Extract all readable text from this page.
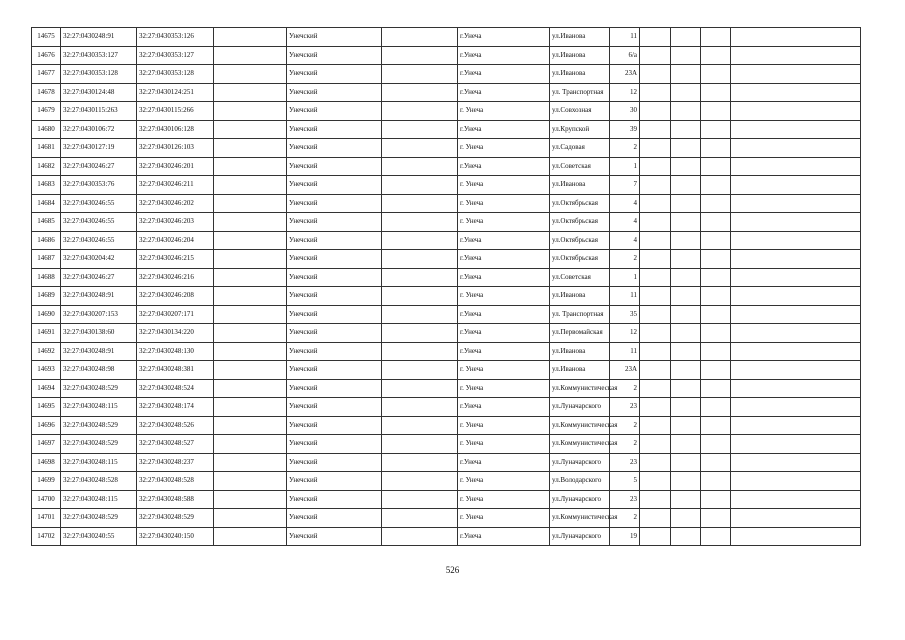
14675	32:27:0430248:91	32:27:0430353:126		Унечский		г.Унеча	ул.Иванова	11				
14676	32:27:0430353:127	32:27:0430353:127		Унечский		г.Унеча	ул.Иванова	6/а				
14677	32:27:0430353:128	32:27:0430353:128		Унечский		г.Унеча	ул.Иванова	23А				
14678	32:27:0430124:48	32:27:0430124:251		Унечский		г.Унеча	ул. Транспортная	12				
14679	32:27:0430115:263	32:27:0430115:266		Унечский		г. Унеча	ул.Совхозная	30				
14680	32:27:0430106:72	32:27:0430106:128		Унечский		г.Унеча	ул.Крупской	39				
14681	32:27:0430127:19	32:27:0430126:103		Унечский		г. Унеча	ул.Садовая	2				
14682	32:27:0430246:27	32:27:0430246:201		Унечский		г.Унеча	ул.Советская	1				
14683	32:27:0430353:76	32:27:0430246:211		Унечский		г. Унеча	ул.Иванова	7				
14684	32:27:0430246:55	32:27:0430246:202		Унечский		г. Унеча	ул.Октябрьская	4				
14685	32:27:0430246:55	32:27:0430246:203		Унечский		г. Унеча	ул.Октябрьская	4				
14686	32:27:0430246:55	32:27:0430246:204		Унечский		г.Унеча	ул.Октябрьская	4				
14687	32:27:0430204:42	32:27:0430246:215		Унечский		г.Унеча	ул.Октябрьская	2				
14688	32:27:0430246:27	32:27:0430246:216		Унечский		г.Унеча	ул.Советская	1				
14689	32:27:0430248:91	32:27:0430246:208		Унечский		г. Унеча	ул.Иванова	11				
14690	32:27:0430207:153	32:27:0430207:171		Унечский		г.Унеча	ул. Транспортная	35				
14691	32:27:0430138:60	32:27:0430134:220		Унечский		г.Унеча	ул.Первомайская	12				
14692	32:27:0430248:91	32:27:0430248:130		Унечский		г.Унеча	ул.Иванова	11				
14693	32:27:0430248:98	32:27:0430248:381		Унечский		г. Унеча	ул.Иванова	23А				
14694	32:27:0430248:529	32:27:0430248:524		Унечский		г. Унеча	ул.Коммунистическая	2				
14695	32:27:0430248:115	32:27:0430248:174		Унечский		г.Унеча	ул.Луначарского	23				
14696	32:27:0430248:529	32:27:0430248:526		Унечский		г. Унеча	ул.Коммунистическая	2				
14697	32:27:0430248:529	32:27:0430248:527		Унечский		г. Унеча	ул.Коммунистическая	2				
14698	32:27:0430248:115	32:27:0430248:237		Унечский		г.Унеча	ул.Луначарского	23				
14699	32:27:0430248:528	32:27:0430248:528		Унечский		г. Унеча	ул.Володарского	5				
14700	32:27:0430248:115	32:27:0430248:588		Унечский		г. Унеча	ул.Луначарского	23				
14701	32:27:0430248:529	32:27:0430248:529		Унечский		г. Унеча	ул.Коммунистическая	2				
14702	32:27:0430240:55	32:27:0430240:150		Унечский		г.Унеча	ул.Луначарского	19				
526
